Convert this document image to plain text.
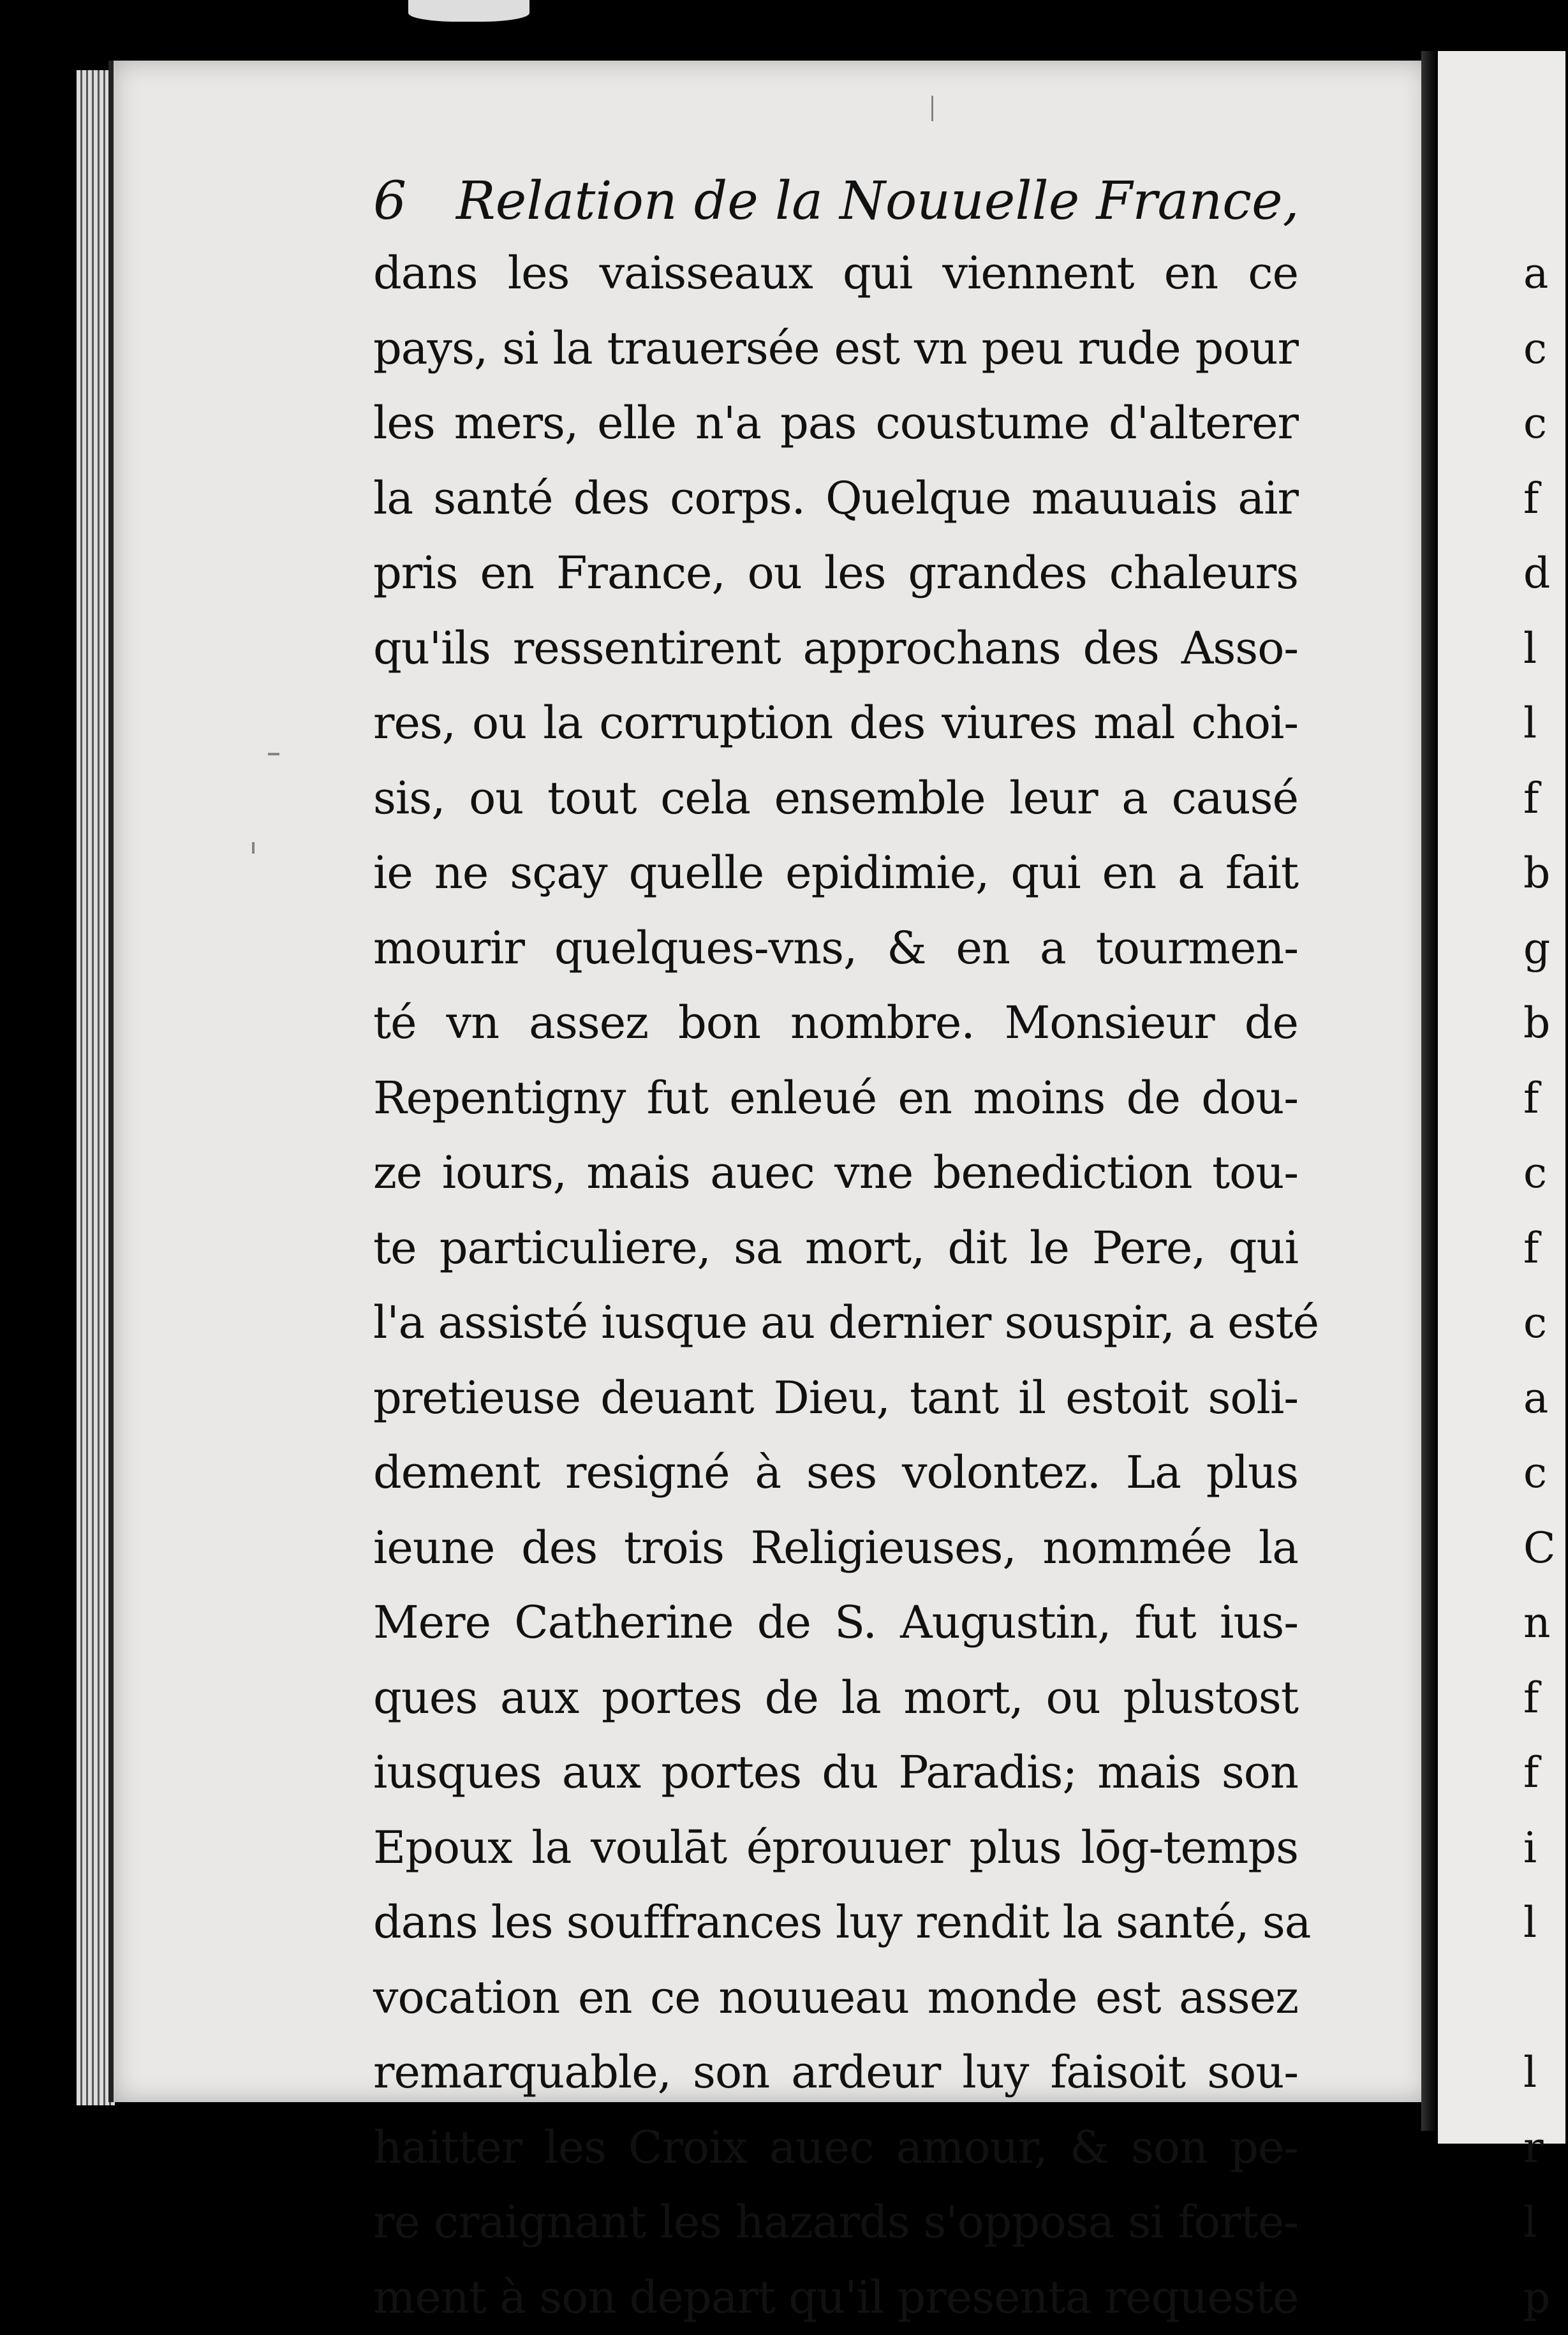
6 Relation de la Nouuelle France,
dans les vaisseaux qui viennent en ce
pays, si la trauersée est vn peu rude pour
les mers, elle n'a pas coustume d'alterer
la santé des corps. Quelque mauuais air
pris en France, ou les grandes chaleurs
qu'ils ressentirent approchans des Asso-
res, ou la corruption des viures mal choi-
sis, ou tout cela ensemble leur a causé
ie ne sçay quelle epidimie, qui en a fait
mourir quelques-vns, & en a tourmen-
té vn assez bon nombre. Monsieur de
Repentigny fut enleué en moins de dou-
ze iours, mais auec vne benediction tou-
te particuliere, sa mort, dit le Pere, qui
l'a assisté iusque au dernier souspir, a esté
pretieuse deuant Dieu, tant il estoit soli-
dement resigné à ses volontez. La plus
ieune des trois Religieuses, nommée la
Mere Catherine de S. Augustin, fut ius-
ques aux portes de la mort, ou plustost
iusques aux portes du Paradis; mais son
Epoux la voulāt éprouuer plus lōg-temps
dans les souffrances luy rendit la santé, sa
vocation en ce nouueau monde est assez
remarquable, son ardeur luy faisoit sou-
haitter les Croix auec amour, & son pe-
re craignant les hazards s'opposa si forte-
ment à son depart qu'il presenta requeste
a
c
c
f
d
l
l
f
b
g
b
f
c
f
c
a
c
C
n
f
f
i
l
l
r
l
p
